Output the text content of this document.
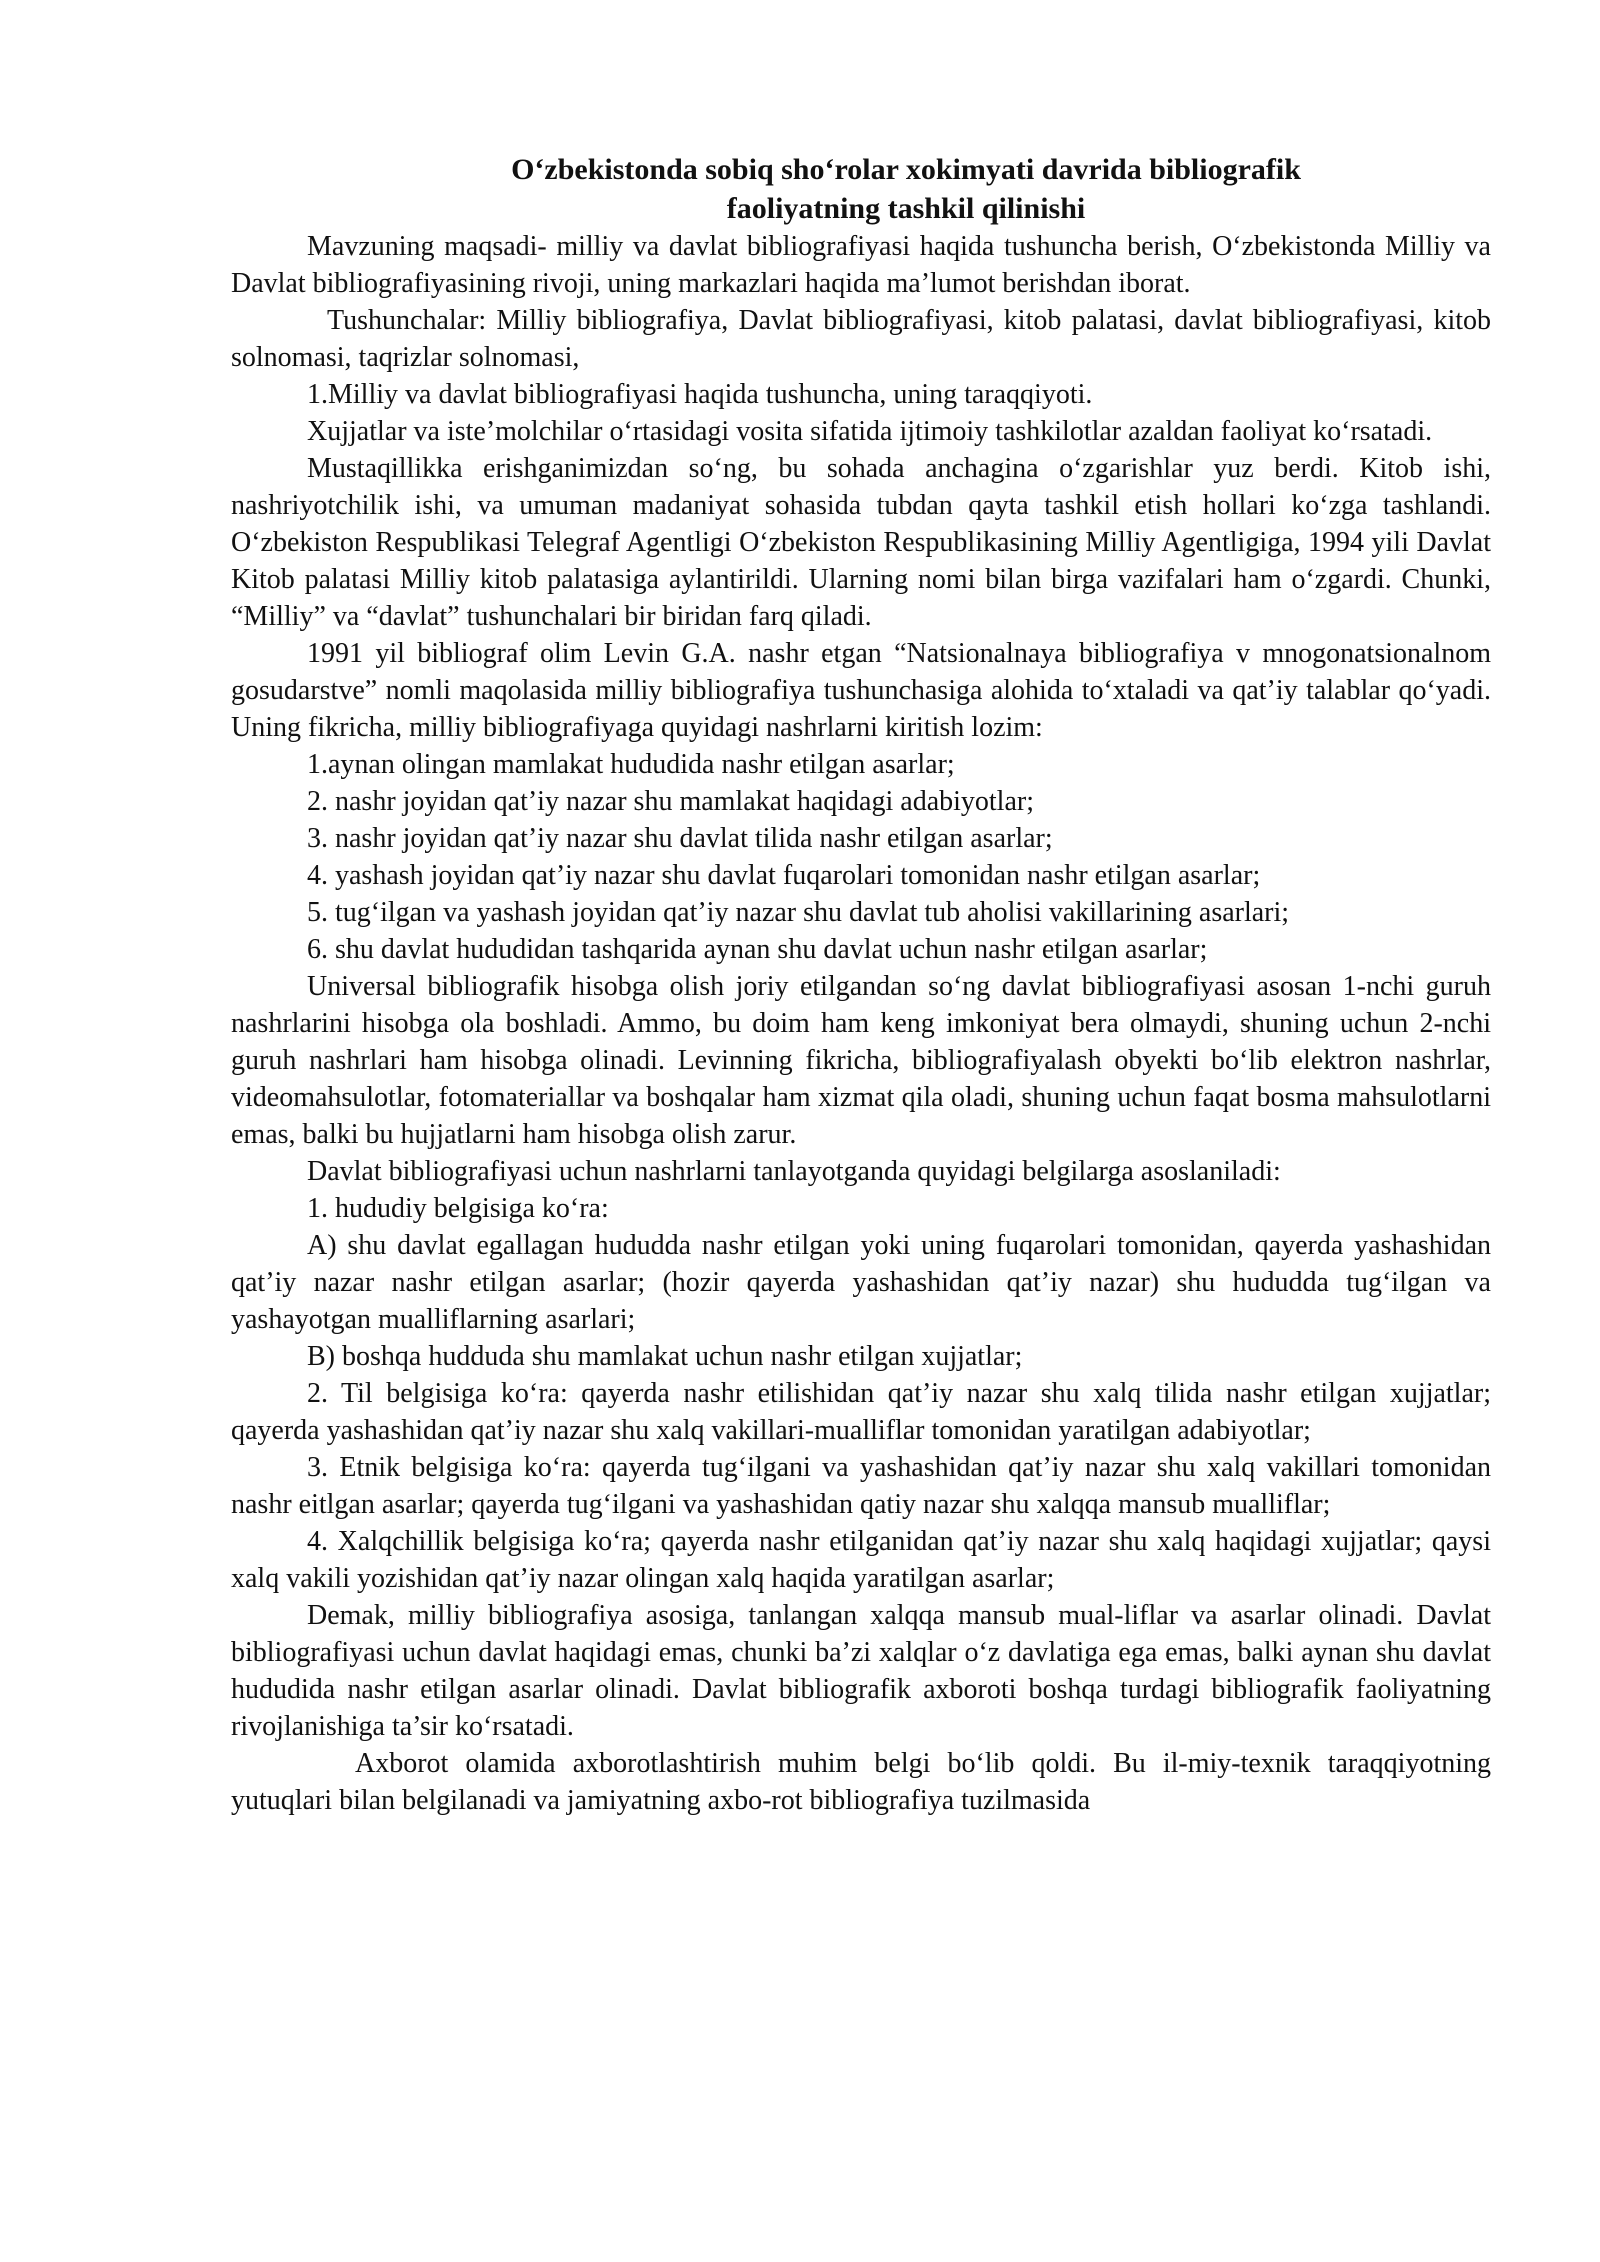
O‘zbekistonda sobiq sho‘rolar xokimyati davrida bibliografik
faoliyatning tashkil qilinishi

Mavzuning maqsadi- milliy va davlat bibliografiyasi haqida tushuncha berish, O‘zbekistonda Milliy va Davlat bibliografiyasining rivoji, uning markazlari haqida ma’lumot berishdan iborat.

Tushunchalar: Milliy bibliografiya, Davlat bibliografiyasi, kitob palatasi, davlat bibliografiyasi, kitob solnomasi, taqrizlar solnomasi,

1.Milliy va davlat bibliografiyasi haqida tushuncha, uning taraqqiyoti.

Xujjatlar va iste’molchilar o‘rtasidagi vosita sifatida ijtimoiy tashkilotlar azaldan faoliyat ko‘rsatadi.

Mustaqillikka erishganimizdan so‘ng, bu sohada anchagina o‘zgarishlar yuz berdi. Kitob ishi, nashriyotchilik ishi, va umuman madaniyat sohasida tubdan qayta tashkil etish hollari ko‘zga tashlandi. O‘zbekiston Respublikasi Telegraf Agentligi O‘zbekiston Respublikasining Milliy Agentligiga, 1994 yili Davlat Kitob palatasi Milliy kitob palatasiga aylantirildi. Ularning nomi bilan birga vazifalari ham o‘zgardi. Chunki, “Milliy” va “davlat” tushunchalari bir biridan farq qiladi.

1991 yil bibliograf olim Levin G.A. nashr etgan “Natsionalnaya bibliografiya v mnogonatsionalnom gosudarstve” nomli maqolasida milliy bibliografiya tushunchasiga alohida to‘xtaladi va qat’iy talablar qo‘yadi. Uning fikricha, milliy bibliografiyaga quyidagi nashrlarni kiritish lozim:

1.aynan olingan mamlakat hududida nashr etilgan asarlar;

2. nashr joyidan qat’iy nazar shu mamlakat haqidagi adabiyotlar;

3. nashr joyidan qat’iy nazar shu davlat tilida nashr etilgan asarlar;

4. yashash joyidan qat’iy nazar shu davlat fuqarolari tomonidan nashr etilgan asarlar;

5. tug‘ilgan va yashash joyidan qat’iy nazar shu davlat tub aholisi vakillarining asarlari;

6. shu davlat hududidan tashqarida aynan shu davlat uchun nashr etilgan asarlar;

Universal bibliografik hisobga olish joriy etilgandan so‘ng davlat bibliografiyasi asosan 1-nchi guruh nashrlarini hisobga ola boshladi. Ammo, bu doim ham keng imkoniyat bera olmaydi, shuning uchun 2-nchi guruh nashrlari ham hisobga olinadi. Levinning fikricha, bibliografiyalash obyekti bo‘lib elektron nashrlar, videomahsulotlar, fotomateriallar va boshqalar ham xizmat qila oladi, shuning uchun faqat bosma mahsulotlarni emas, balki bu hujjatlarni ham hisobga olish zarur.

Davlat bibliografiyasi uchun nashrlarni tanlayotganda quyidagi belgilarga asoslaniladi:

1. hududiy belgisiga ko‘ra:

A) shu davlat egallagan hududda nashr etilgan yoki uning fuqarolari tomonidan, qayerda yashashidan qat’iy nazar nashr etilgan asarlar; (hozir qayerda yashashidan qat’iy nazar) shu hududda tug‘ilgan va yashayotgan mualliflarning asarlari;

B) boshqa hudduda shu mamlakat uchun nashr etilgan xujjatlar;

2. Til belgisiga ko‘ra: qayerda nashr etilishidan qat’iy nazar shu xalq tilida nashr etilgan xujjatlar; qayerda yashashidan qat’iy nazar shu xalq vakillari-mualliflar tomonidan yaratilgan adabiyotlar;

3. Etnik belgisiga ko‘ra: qayerda tug‘ilgani va yashashidan qat’iy nazar shu xalq vakillari tomonidan nashr eitlgan asarlar; qayerda tug‘ilgani va yashashidan qatiy nazar shu xalqqa mansub mualliflar;

4. Xalqchillik belgisiga ko‘ra; qayerda nashr etilganidan qat’iy nazar shu xalq haqidagi xujjatlar; qaysi xalq vakili yozishidan qat’iy nazar olingan xalq haqida yaratilgan asarlar;

Demak, milliy bibliografiya asosiga, tanlangan xalqqa mansub mual-liflar va asarlar olinadi. Davlat bibliografiyasi uchun davlat haqidagi emas, chunki ba’zi xalqlar o‘z davlatiga ega emas, balki aynan shu davlat hududida nashr etilgan asarlar olinadi. Davlat bibliografik axboroti boshqa turdagi bibliografik faoliyatning rivojlanishiga ta’sir ko‘rsatadi.

Axborot olamida axborotlashtirish muhim belgi bo‘lib qoldi. Bu il-miy-texnik taraqqiyotning yutuqlari bilan belgilanadi va jamiyatning axbo-rot bibliografiya tuzilmasida
